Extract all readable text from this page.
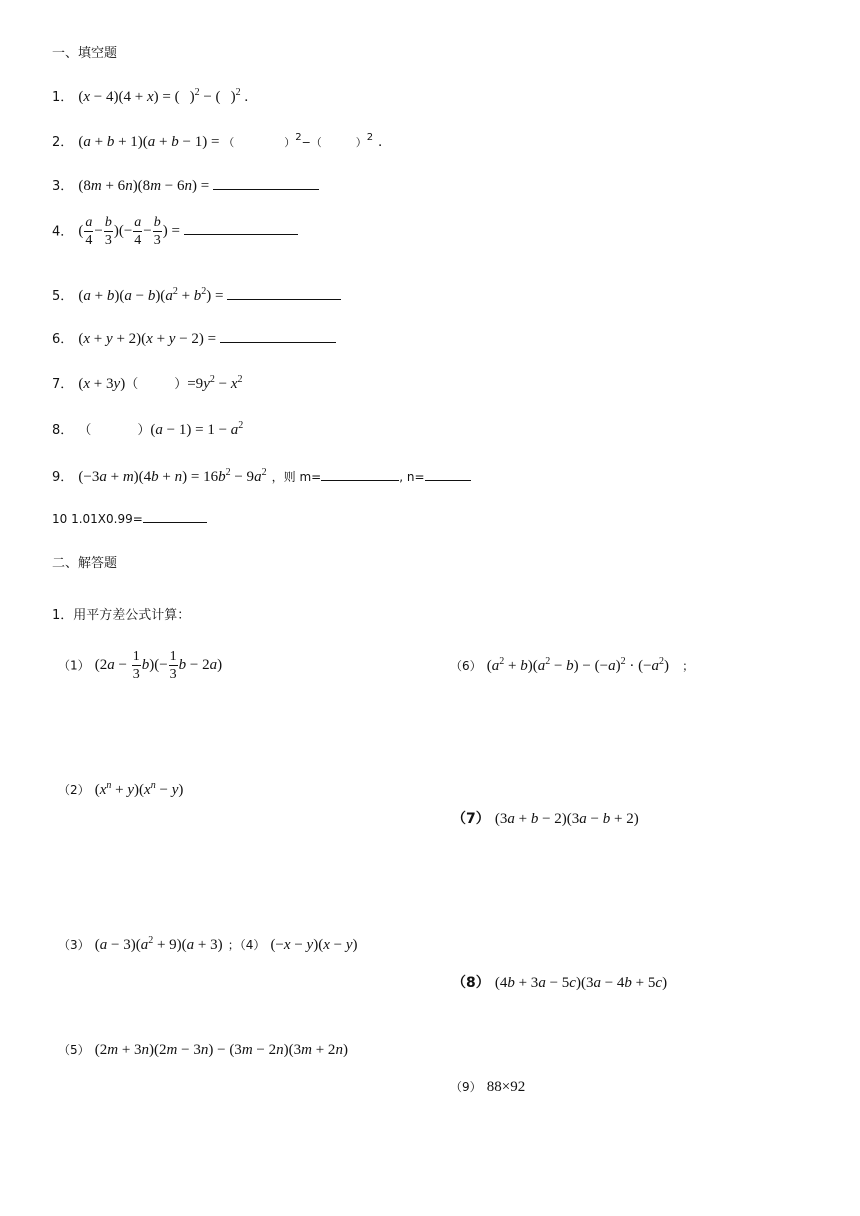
一、填空题
1． (x − 4)(4 + x) = ( )$^2$ − ( )$^2$ .
2． (a + b + 1)(a + b − 1) = （	）$^2$−（	）$^2$ .
3． (8m + 6n)(8m − 6n) =
4． ( $\frac{a}{4} - \frac{b}{3}$ )(− $\frac{a}{4} - \frac{b}{3}$ ) =
5． $(a + b)(a - b)(a^2 + b^2)$ =
6． (x + y + 2)(x + y − 2) =
7． (x + 3y)（	）$=9y^2 - x^2$
8． （	）$(a - 1) = 1 - a^2$
9． $(-3a + m)(4b + n) = 16b^2 - 9a^2$ ，则 m=	, n=
10 1.01X0.99=
二、解答题
1．用平方差公式计算：
（1） $(2a - \frac{1}{3} b)(- \frac{1}{3}$ b − 2a)	（6） $(a^2 + b)(a^2 - b) - (-a)^2 \cdot (-a^2)$ ；
（2） $(x^n + y)(x^n - y)$
（7） (3a + b − 2)(3a − b + 2)
（3） $(a - 3)(a^2 + 9)(a + 3)$ ；（4） (−x − y)(x − y)
（8） (4b + 3a − 5c)(3a − 4b + 5c)
（5） (2m + 3n)(2m − 3n) − (3m − 2n)(3m + 2n)
（9） 88×92
